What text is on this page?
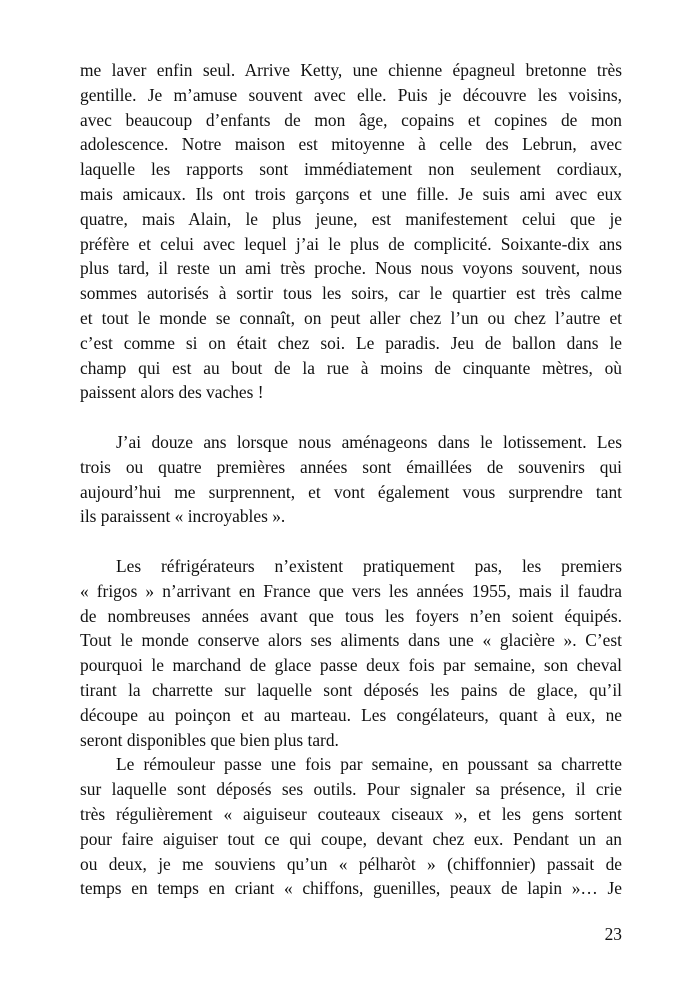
me laver enfin seul. Arrive Ketty, une chienne épagneul bretonne très
gentille. Je m’amuse souvent avec elle. Puis je découvre les voisins,
avec beaucoup d’enfants de mon âge, copains et copines de mon
adolescence. Notre maison est mitoyenne à celle des Lebrun, avec
laquelle les rapports sont immédiatement non seulement cordiaux,
mais amicaux. Ils ont trois garçons et une fille. Je suis ami avec eux
quatre, mais Alain, le plus jeune, est manifestement celui que je
préfère et celui avec lequel j’ai le plus de complicité. Soixante-dix ans
plus tard, il reste un ami très proche. Nous nous voyons souvent, nous
sommes autorisés à sortir tous les soirs, car le quartier est très calme
et tout le monde se connaît, on peut aller chez l’un ou chez l’autre et
c’est comme si on était chez soi. Le paradis. Jeu de ballon dans le
champ qui est au bout de la rue à moins de cinquante mètres, où
paissent alors des vaches !
J’ai douze ans lorsque nous aménageons dans le lotissement. Les
trois ou quatre premières années sont émaillées de souvenirs qui
aujourd’hui me surprennent, et vont également vous surprendre tant
ils paraissent « incroyables ».
Les réfrigérateurs n’existent pratiquement pas, les premiers
« frigos » n’arrivant en France que vers les années 1955, mais il faudra
de nombreuses années avant que tous les foyers n’en soient équipés.
Tout le monde conserve alors ses aliments dans une « glacière ». C’est
pourquoi le marchand de glace passe deux fois par semaine, son cheval
tirant la charrette sur laquelle sont déposés les pains de glace, qu’il
découpe au poinçon et au marteau. Les congélateurs, quant à eux, ne
seront disponibles que bien plus tard.
Le rémouleur passe une fois par semaine, en poussant sa charrette
sur laquelle sont déposés ses outils. Pour signaler sa présence, il crie
très régulièrement « aiguiseur couteaux ciseaux », et les gens sortent
pour faire aiguiser tout ce qui coupe, devant chez eux. Pendant un an
ou deux, je me souviens qu’un « pélharòt » (chiffonnier) passait de
temps en temps en criant « chiffons, guenilles, peaux de lapin »… Je
23
